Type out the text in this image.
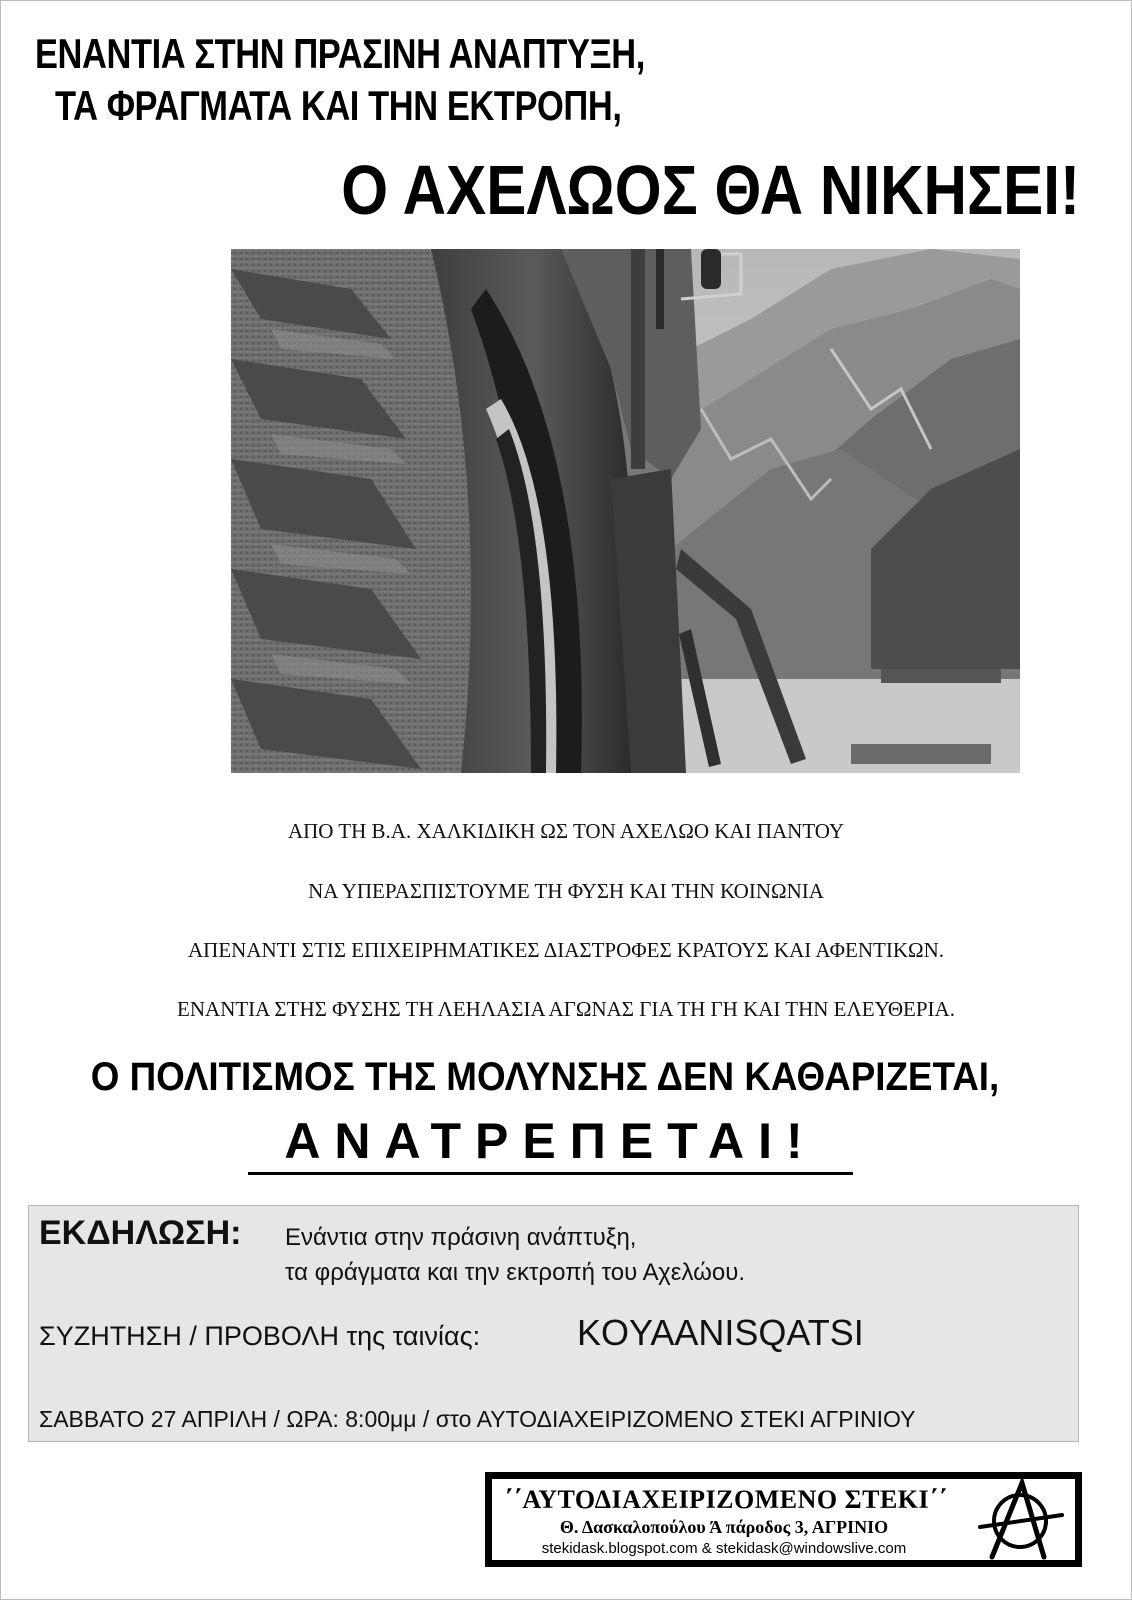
ΕΝΑΝΤΙΑ ΣΤΗΝ ΠΡΑΣΙΝΗ ΑΝΑΠΤΥΞΗ,
ΤΑ ΦΡΑΓΜΑΤΑ ΚΑΙ ΤΗΝ ΕΚΤΡΟΠΗ,
Ο ΑΧΕΛΩΟΣ ΘΑ ΝΙΚΗΣΕΙ!
ΑΠΟ ΤΗ Β.Α. ΧΑΛΚΙΔΙΚΗ ΩΣ ΤΟΝ ΑΧΕΛΩΟ ΚΑΙ ΠΑΝΤΟΥ
ΝΑ ΥΠΕΡΑΣΠΙΣΤΟΥΜΕ ΤΗ ΦΥΣΗ ΚΑΙ ΤΗΝ ΚΟΙΝΩΝΙΑ
ΑΠΕΝΑΝΤΙ ΣΤΙΣ ΕΠΙΧΕΙΡΗΜΑΤΙΚΕΣ ΔΙΑΣΤΡΟΦΕΣ ΚΡΑΤΟΥΣ ΚΑΙ ΑΦΕΝΤΙΚΩΝ.
ΕΝΑΝΤΙΑ ΣΤΗΣ ΦΥΣΗΣ ΤΗ ΛΕΗΛΑΣΙΑ ΑΓΩΝΑΣ ΓΙΑ ΤΗ ΓΗ ΚΑΙ ΤΗΝ ΕΛΕΥΘΕΡΙΑ.
Ο ΠΟΛΙΤΙΣΜΟΣ ΤΗΣ ΜΟΛΥΝΣΗΣ ΔΕΝ ΚΑΘΑΡΙΖΕΤΑΙ,
ΑΝΑΤΡΕΠΕΤΑΙ!
ΕΚΔΗΛΩΣΗ: Ενάντια στην πράσινη ανάπτυξη,
τα φράγματα και την εκτροπή του Αχελώου.
ΣΥΖΗΤΗΣΗ / ΠΡΟΒΟΛΗ της ταινίας:	KOYAANISQATSI
ΣΑΒΒΑΤΟ 27 ΑΠΡΙΛΗ / ΩΡΑ: 8:00μμ / στο ΑΥΤΟΔΙΑΧΕΙΡΙΖΟΜΕΝΟ ΣΤΕΚΙ ΑΓΡΙΝΙΟΥ
΄΄ΑΥΤΟΔΙΑΧΕΙΡΙΖΟΜΕΝΟ ΣΤΕΚΙ΄΄
Θ. Δασκαλοπούλου Ά πάροδος 3, ΑΓΡΙΝΙΟ
stekidask.blogspot.com & stekidask@windowslive.com
